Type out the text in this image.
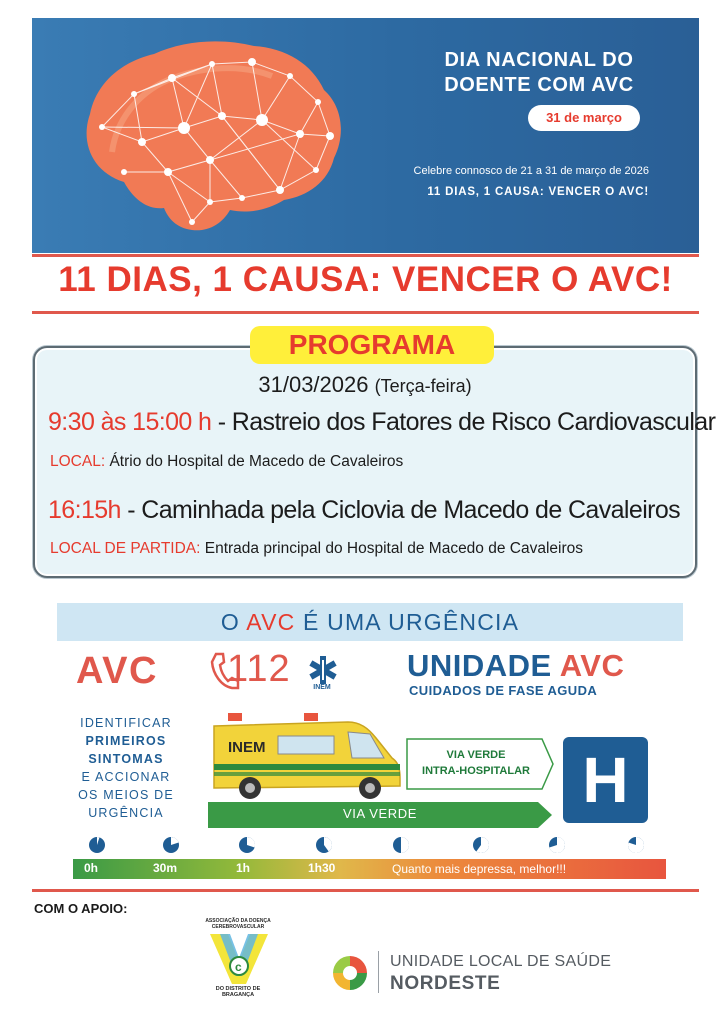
DIA NACIONAL DO
DOENTE COM AVC
31 de março
Celebre connosco de 21 a 31 de março de 2026
11 DIAS, 1 CAUSA: VENCER O AVC!
11 DIAS, 1 CAUSA: VENCER O AVC!
PROGRAMA
31/03/2026 (Terça-feira)
9:30 às 15:00 h - Rastreio dos Fatores de Risco Cardiovascular
LOCAL: Átrio do Hospital de Macedo de Cavaleiros
16:15h - Caminhada pela Ciclovia de Macedo de Cavaleiros
LOCAL DE PARTIDA: Entrada principal do Hospital de Macedo de Cavaleiros
O AVC É UMA URGÊNCIA
AVC 112	INEM
UNIDADE AVC
CUIDADOS DE FASE AGUDA
IDENTIFICAR
PRIMEIROS
SINTOMAS
E ACCIONAR
OS MEIOS DE
URGÊNCIA
INEM
VIA VERDE
VIA VERDE
INTRA-HOSPITALAR H
0h	30m	1h	1h30	Quanto mais depressa, melhor!!!
COM O APOIO:
ASSOCIAÇÃO DA DOENÇA CEREBROVASCULAR
c
DO DISTRITO DE BRAGANÇA
UNIDADE LOCAL DE SAÚDE
NORDESTE
